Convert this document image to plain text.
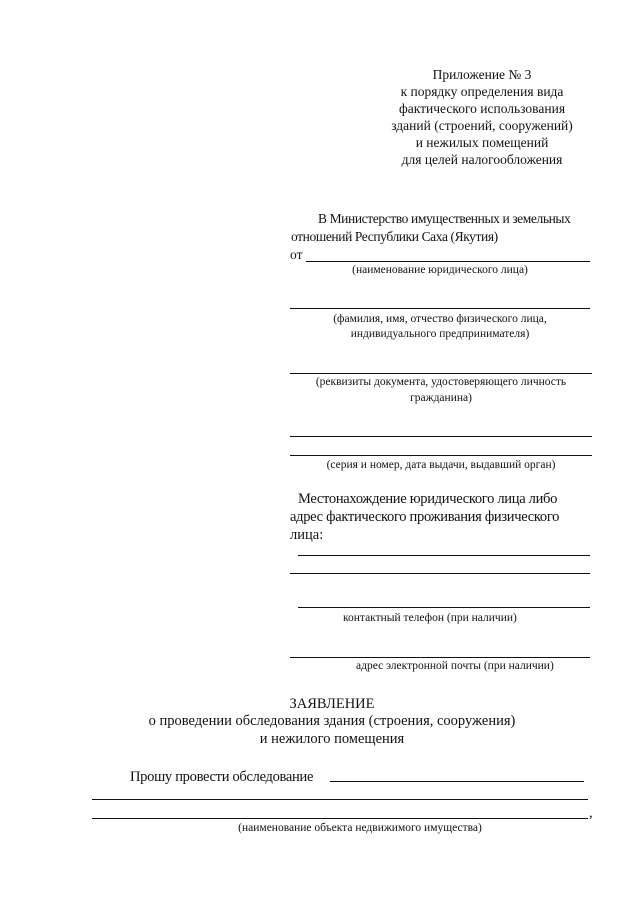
Приложение № 3
к порядку определения вида
фактического использования
зданий (строений, сооружений)
и нежилых помещений
для целей налогообложения
В Министерство имущественных и земельных
отношений Республики Саха (Якутия)
от
(наименование юридического лица)
(фамилия, имя, отчество физического лица,
индивидуального предпринимателя)
(реквизиты документа, удостоверяющего личность
гражданина)
(серия и номер, дата выдачи, выдавший орган)
Местонахождение юридического лица либо
адрес фактического проживания физического
лица:
контактный телефон (при наличии)
адрес электронной почты (при наличии)
ЗАЯВЛЕНИЕ
о проведении обследования здания (строения, сооружения)
и нежилого помещения
Прошу провести обследование
,
(наименование объекта недвижимого имущества)
